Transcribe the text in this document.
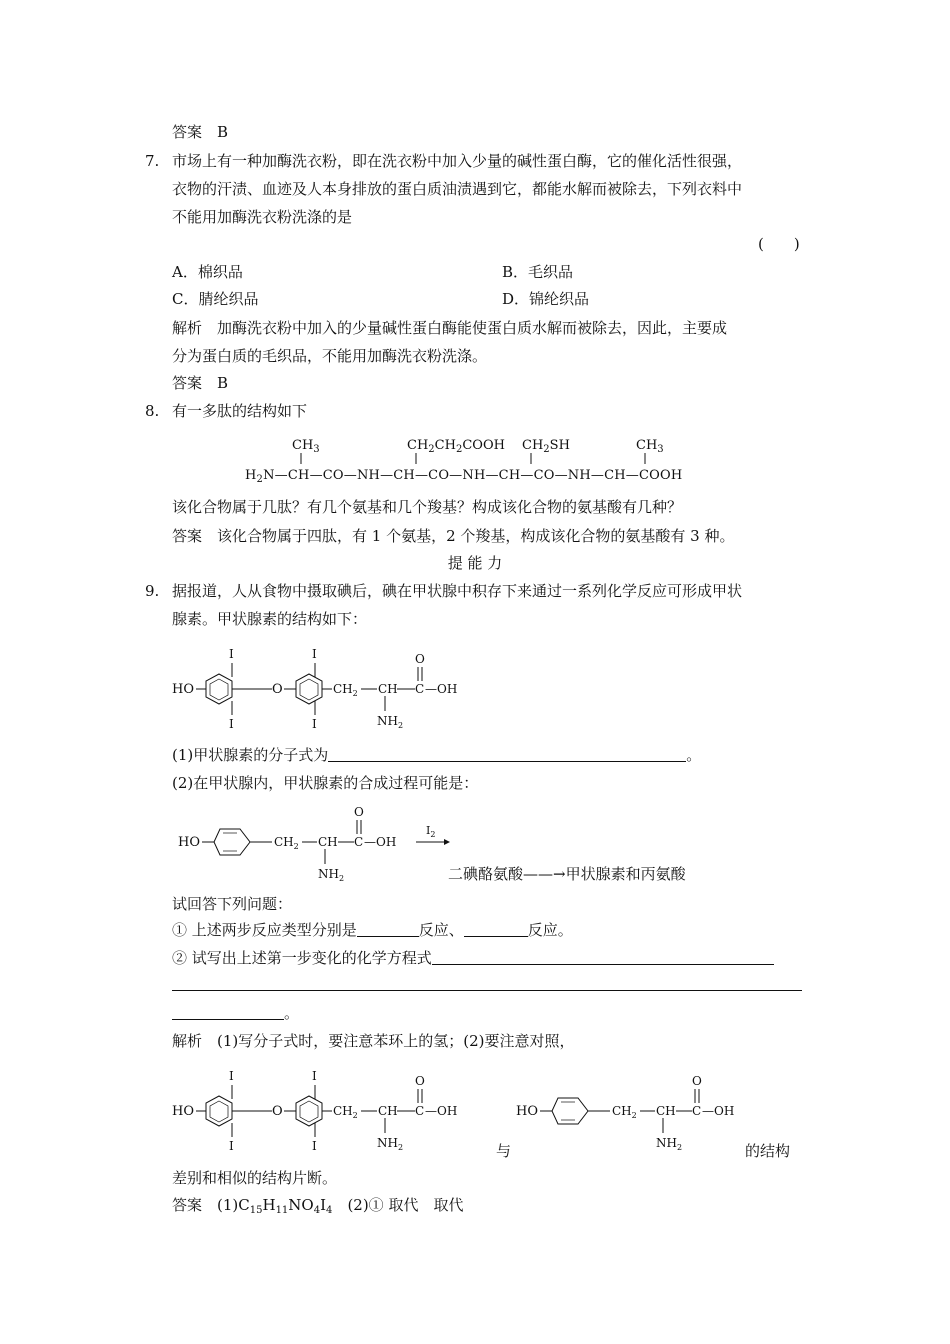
答案　B
7. 市场上有一种加酶洗衣粉，即在洗衣粉中加入少量的碱性蛋白酶，它的催化活性很强，
衣物的汗渍、血迹及人本身排放的蛋白质油渍遇到它，都能水解而被除去，下列衣料中
不能用加酶洗衣粉洗涤的是
(　　)
A．棉织品	B．毛织品
C．腈纶织品	D．锦纶织品
解析　加酶洗衣粉中加入的少量碱性蛋白酶能使蛋白质水解而被除去，因此，主要成
分为蛋白质的毛织品，不能用加酶洗衣粉洗涤。
答案　B
8. 有一多肽的结构如下
$CH_3$	$CH_2CH_2COOH$ $CH_2SH$	$CH_3$
$H_2N—CH—CO—NH—CH—CO—NH—CH—CO—NH—CH—COOH$
该化合物属于几肽？有几个氨基和几个羧基？构成该化合物的氨基酸有几种？
答案　该化合物属于四肽，有 1 个氨基，2 个羧基，构成该化合物的氨基酸有 3 种。
提 能 力
9. 据报道，人从食物中摄取碘后，碘在甲状腺中积存下来通过一系列化学反应可形成甲状
腺素。甲状腺素的结构如下：
I
HO
I
O
I
I
$CH_2$ CH
$NH_2$
C
O
—OH
(1)甲状腺素的分子式为	。
(2)在甲状腺内，甲状腺素的合成过程可能是：
HO	$CH_2$ CH
$NH_2$
C
O
—OH
$I_2$
二碘酪氨酸——→甲状腺素和丙氨酸
试回答下列问题：
① 上述两步反应类型分别是	反应、	反应。
② 试写出上述第一步变化的化学方程式
。
解析　(1)写分子式时，要注意苯环上的氢；(2)要注意对照，
I
HO
I
O
I
I
$CH_2$ CH
$NH_2$
C
O
—OH
与
HO	$CH_2$ CH
$NH_2$
C
O
—OH
的结构
差别和相似的结构片断。
答案　$(1)C_{15}H_{11}NO_4I_4$　 (2)① 取代　取代
